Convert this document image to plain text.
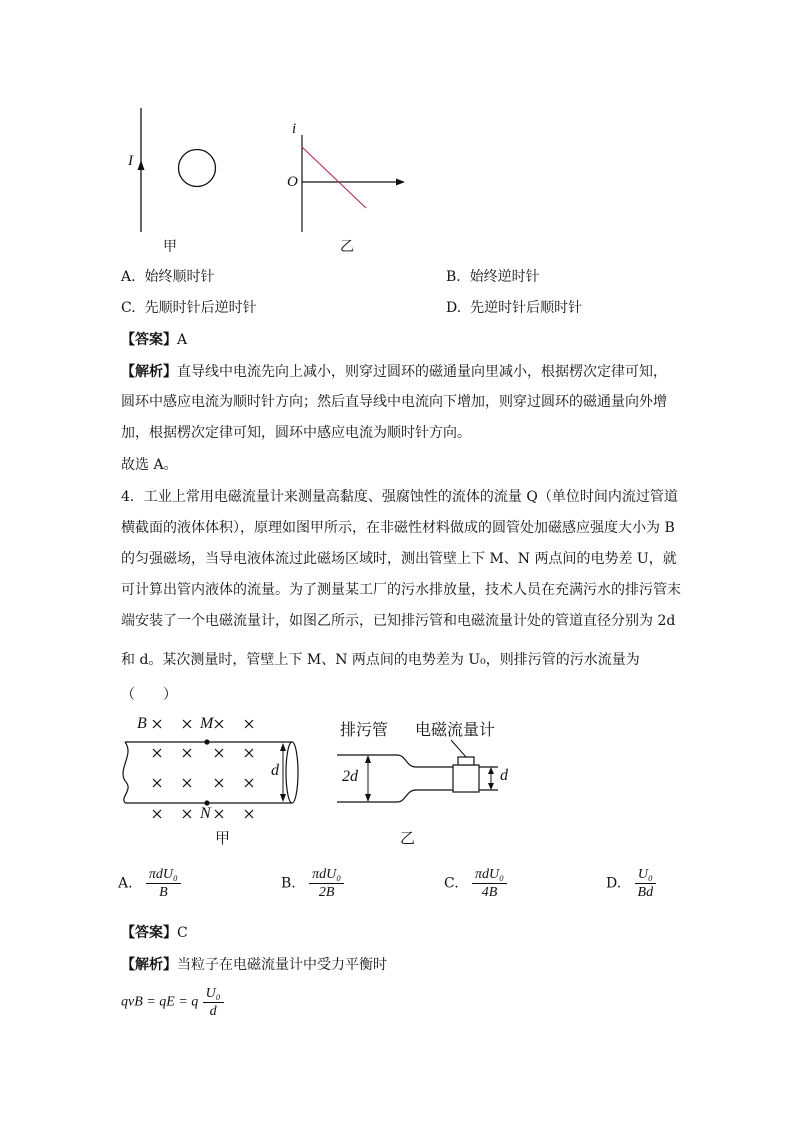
I
甲
i
O
乙
A. 始终顺时针	B. 始终逆时针
C. 先顺时针后逆时针	D. 先逆时针后顺时针
【答案】A
【解析】直导线中电流先向上减小，则穿过圆环的磁通量向里减小，根据楞次定律可知，
圆环中感应电流为顺时针方向；然后直导线中电流向下增加，则穿过圆环的磁通量向外增
加，根据楞次定律可知，圆环中感应电流为顺时针方向。
故选 A。
4．工业上常用电磁流量计来测量高黏度、强腐蚀性的流体的流量 Q（单位时间内流过管道
横截面的液体体积），原理如图甲所示，在非磁性材料做成的圆管处加磁感应强度大小为 B
的匀强磁场，当导电液体流过此磁场区域时，测出管壁上下 M、N 两点间的电势差 U，就
可计算出管内液体的流量。为了测量某工厂的污水排放量，技术人员在充满污水的排污管末
端安装了一个电磁流量计，如图乙所示，已知排污管和电磁流量计处的管道直径分别为 2d
和 d。某次测量时，管壁上下 M、N 两点间的电势差为 U₀，则排污管的污水流量为
（　　）
B	M
N
d
甲
排污管 电磁流量计
2d	d
乙
A. $\frac{\text{πdU₀}}{B}$	B. $\frac{\text{πdU₀}}{2B}$	C. $\frac{\text{πdU₀}}{4B}$	D. $\frac{\text{U₀}}{Bd}$
【答案】C
【解析】当粒子在电磁流量计中受力平衡时
qvB = qE = q $\frac{\text{U₀}}{d}$
